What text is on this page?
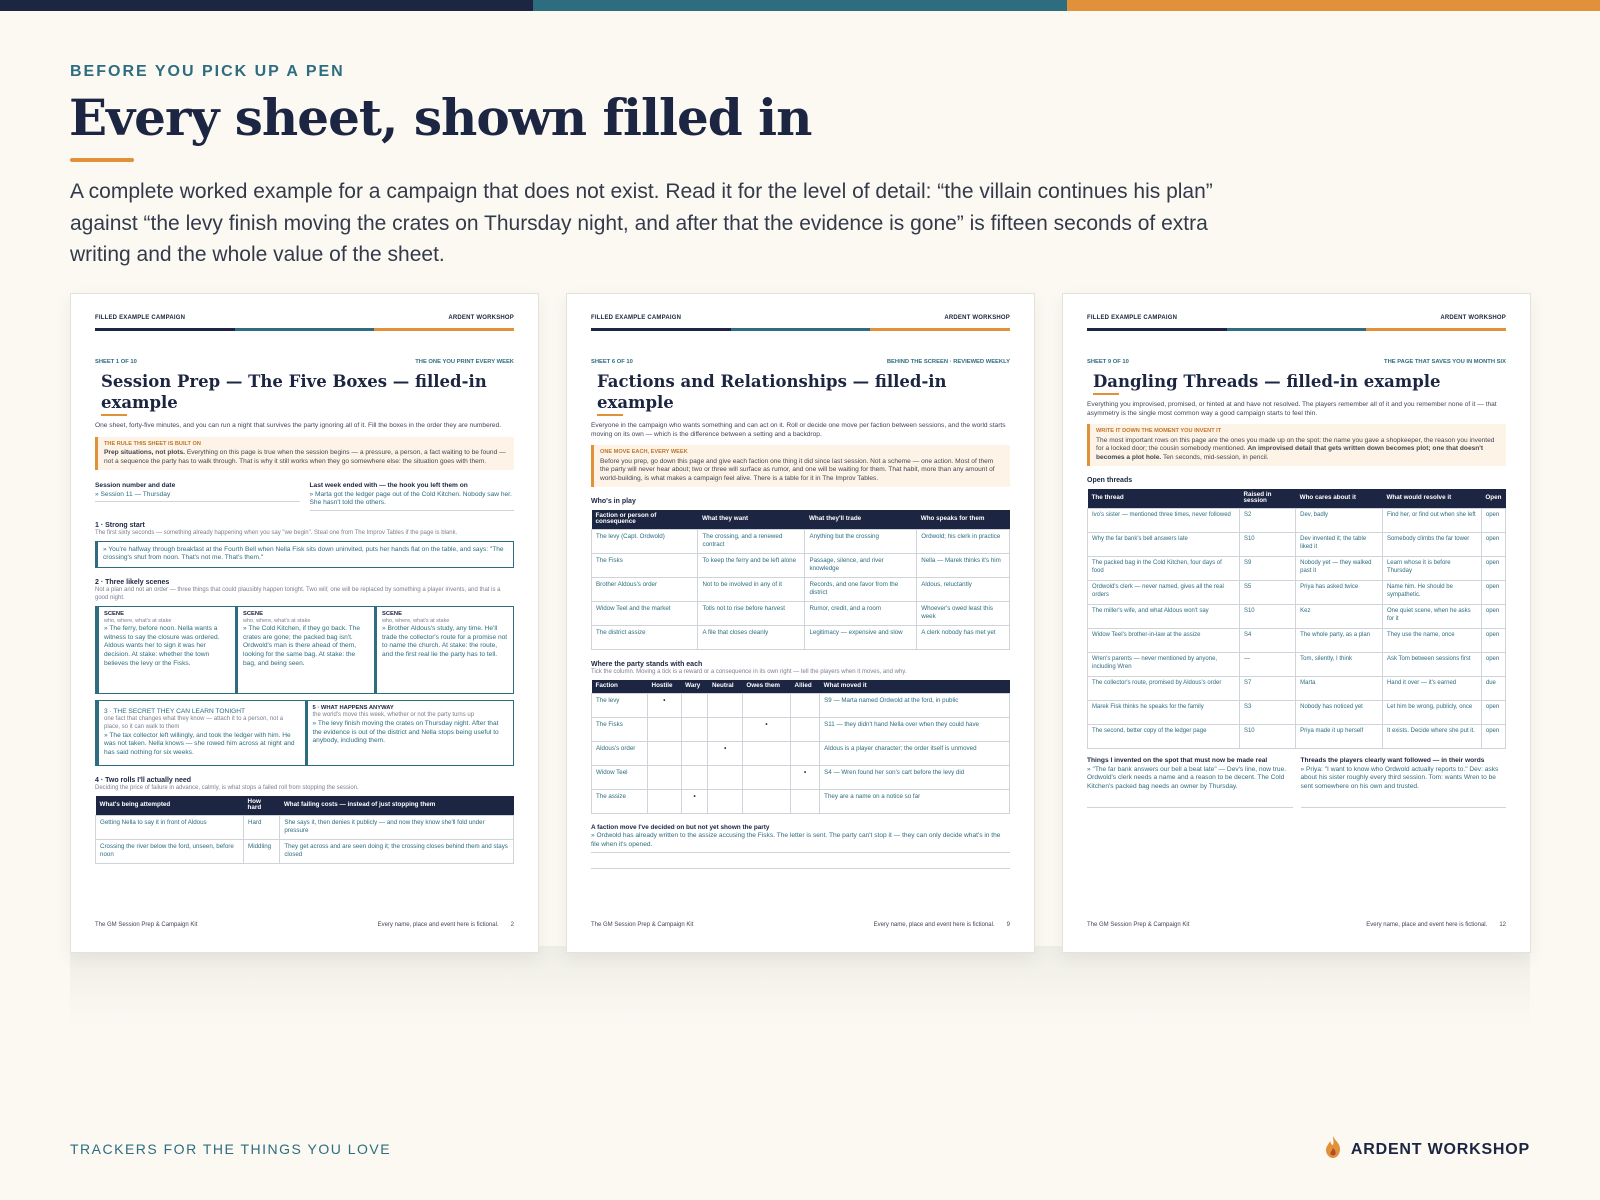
BEFORE YOU PICK UP A PEN
Every sheet, shown filled in

A complete worked example for a campaign that does not exist. Read it for the level of detail: “the villain continues his plan” against “the levy finish moving the crates on Thursday night, and after that the evidence is gone” is fifteen seconds of extra writing and the whole value of the sheet.

FILLED EXAMPLE CAMPAIGN	ARDENT WORKSHOP
SHEET 1 OF 10	THE ONE YOU PRINT EVERY WEEK
Session Prep — The Five Boxes — filled-in example
One sheet, forty-five minutes, and you can run a night that survives the party ignoring all of it. Fill the boxes in the order they are numbered.
THE RULE THIS SHEET IS BUILT ON
Prep situations, not plots. Everything on this page is true when the session begins — a pressure, a person, a fact waiting to be found — not a sequence the party has to walk through. That is why it still works when they go somewhere else: the situation goes with them.
Session number and date
» Session 11 — Thursday
Last week ended with — the hook you left them on
» Marta got the ledger page out of the Cold Kitchen. Nobody saw her. She hasn't told the others.
1 · Strong start
The first sixty seconds — something already happening when you say "we begin". Steal one from The Improv Tables if the page is blank.
» You're halfway through breakfast at the Fourth Bell when Nella Fisk sits down uninvited, puts her hands flat on the table, and says: "The crossing's shut from noon. That's not me. That's them."
2 · Three likely scenes
Not a plan and not an order — three things that could plausibly happen tonight. Two will; one will be replaced by something a player invents, and that is a good night.
SCENE
who, where, what's at stake
» The ferry, before noon. Nella wants a witness to say the closure was ordered. Aldous wants her to sign it was her decision. At stake: whether the town believes the levy or the Fisks.
SCENE
who, where, what's at stake
» The Cold Kitchen, if they go back. The crates are gone; the packed bag isn't. Ordwold's man is there ahead of them, looking for the same bag. At stake: the bag, and being seen.
SCENE
who, where, what's at stake
» Brother Aldous's study, any time. He'll trade the collector's route for a promise not to name the church. At stake: the route, and the first real lie the party has to tell.
3 · THE SECRET THEY CAN LEARN TONIGHT
one fact that changes what they know — attach it to a person, not a place, so it can walk to them
» The tax collector left willingly, and took the ledger with him. He was not taken. Nella knows — she rowed him across at night and has said nothing for six weeks.
5 · WHAT HAPPENS ANYWAY
the world's move this week, whether or not the party turns up
» The levy finish moving the crates on Thursday night. After that the evidence is out of the district and Nella stops being useful to anybody, including them.
4 · Two rolls I'll actually need
Deciding the price of failure in advance, calmly, is what stops a failed roll from stopping the session.
What's being attempted	How hard	What failing costs — instead of just stopping them
Getting Nella to say it in front of Aldous	Hard	She says it, then denies it publicly — and now they know she'll fold under pressure
Crossing the river below the ford, unseen, before noon	Middling	They get across and are seen doing it; the crossing closes behind them and stays closed
The GM Session Prep & Campaign Kit	Every name, place and event here is fictional. 2
FILLED EXAMPLE CAMPAIGN	ARDENT WORKSHOP
SHEET 6 OF 10	BEHIND THE SCREEN · REVIEWED WEEKLY
Factions and Relationships — filled-in example
Everyone in the campaign who wants something and can act on it. Roll or decide one move per faction between sessions, and the world starts moving on its own — which is the difference between a setting and a backdrop.
ONE MOVE EACH, EVERY WEEK
Before you prep, go down this page and give each faction one thing it did since last session. Not a scheme — one action. Most of them the party will never hear about; two or three will surface as rumor, and one will be waiting for them. That habit, more than any amount of world-building, is what makes a campaign feel alive. There is a table for it in The Improv Tables.
Who's in play
Faction or person of consequence	What they want	What they'll trade	Who speaks for them
The levy (Capt. Ordwold)	The crossing, and a renewed contract	Anything but the crossing	Ordwold; his clerk in practice
The Fisks	To keep the ferry and be left alone	Passage, silence, and river knowledge	Nella — Marek thinks it's him
Brother Aldous's order	Not to be involved in any of it	Records, and one favor from the district	Aldous, reluctantly
Widow Teel and the market	Tolls not to rise before harvest	Rumor, credit, and a room	Whoever's owed least this week
The district assize	A file that closes cleanly	Legitimacy — expensive and slow	A clerk nobody has met yet
Where the party stands with each
Tick the column. Moving a tick is a reward or a consequence in its own right — tell the players when it moves, and why.
Faction	Hostile	Wary	Neutral	Owes them	Allied	What moved it
The levy	•					S9 — Marta named Ordwold at the ford, in public
The Fisks				•		S11 — they didn't hand Nella over when they could have
Aldous's order			•			Aldous is a player character; the order itself is unmoved
Widow Teel					•	S4 — Wren found her son's cart before the levy did
The assize		•				They are a name on a notice so far
A faction move I've decided on but not yet shown the party
» Ordwold has already written to the assize accusing the Fisks. The letter is sent. The party can't stop it — they can only decide what's in the file when it's opened.
The GM Session Prep & Campaign Kit	Every name, place and event here is fictional. 9
FILLED EXAMPLE CAMPAIGN	ARDENT WORKSHOP
SHEET 9 OF 10	THE PAGE THAT SAVES YOU IN MONTH SIX
Dangling Threads — filled-in example
Everything you improvised, promised, or hinted at and have not resolved. The players remember all of it and you remember none of it — that asymmetry is the single most common way a good campaign starts to feel thin.
WRITE IT DOWN THE MOMENT YOU INVENT IT
The most important rows on this page are the ones you made up on the spot: the name you gave a shopkeeper, the reason you invented for a locked door; the cousin somebody mentioned. An improvised detail that gets written down becomes plot; one that doesn't becomes a plot hole. Ten seconds, mid-session, in pencil.
Open threads
The thread	Raised in session	Who cares about it	What would resolve it	Open
Ivo's sister — mentioned three times, never followed	S2	Dev, badly	Find her, or find out when she left	open
Why the far bank's bell answers late	S10	Dev invented it; the table liked it	Somebody climbs the far tower	open
The packed bag in the Cold Kitchen, four days of food	S9	Nobody yet — they walked past it	Learn whose it is before Thursday	open
Ordwold's clerk — never named, gives all the real orders	S5	Priya has asked twice	Name him. He should be sympathetic.	open
The miller's wife, and what Aldous won't say	S10	Kez	One quiet scene, when he asks for it	open
Widow Teel's brother-in-law at the assize	S4	The whole party, as a plan	They use the name, once	open
Wren's parents — never mentioned by anyone, including Wren	—	Tom, silently, I think	Ask Tom between sessions first	open
The collector's route, promised by Aldous's order	S7	Marta	Hand it over — it's earned	due
Marek Fisk thinks he speaks for the family	S3	Nobody has noticed yet	Let him be wrong, publicly, once	open
The second, better copy of the ledger page	S10	Priya made it up herself	It exists. Decide where she put it.	open
Things I invented on the spot that must now be made real
» "The far bank answers our bell a beat late" — Dev's line, now true. Ordwold's clerk needs a name and a reason to be decent. The Cold Kitchen's packed bag needs an owner by Thursday.
Threads the players clearly want followed — in their words
» Priya: "I want to know who Ordwold actually reports to." Dev: asks about his sister roughly every third session. Tom: wants Wren to be sent somewhere on his own and trusted.
The GM Session Prep & Campaign Kit	Every name, place and event here is fictional. 12
TRACKERS FOR THE THINGS YOU LOVE	ARDENT WORKSHOP
